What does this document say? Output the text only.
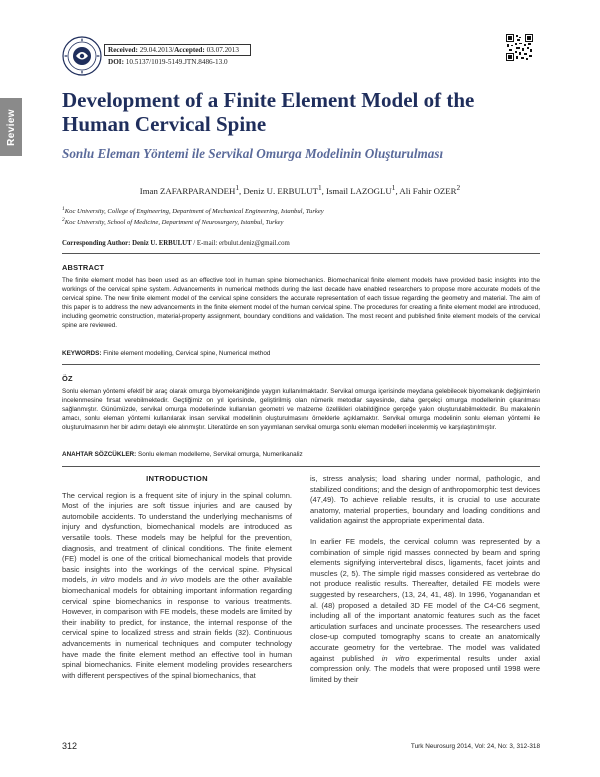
Review
Received:
29.04.2013 / Accepted:
03.07.2013
DOI: 10.5137/1019-5149.JTN.8486-13.0
Development of a Finite Element Model of the Human Cervical Spine
Sonlu Eleman Yöntemi ile Servikal Omurga Modelinin Oluşturulması
Iman ZAFARPARANDEH$^1$, Deniz U. ERBULUT$^1$, Ismail LAZOGLU$^1$, Ali Fahir OZER$^2$
$^1$Koc University, College of Engineering, Department of Mechanical Engineering, Istanbul, Turkey
$^2$Koc University, School of Medicine, Department of Neurosurgery, Istanbul, Turkey
Corresponding Author: Deniz U. ERBULUT / E-mail: erbulut.deniz@gmail.com
ABSTRACT

The finite element model has been used as an effective tool in human spine biomechanics. Biomechanical finite element models have provided basic insights into the workings of the cervical spine system. Advancements in numerical methods during the last decade have enabled researchers to propose more accurate models of the cervical spine. The new finite element model of the cervical spine considers the accurate representation of each tissue regarding the geometry and material. The aim of this paper is to address the new advancements in the finite element model of the human cervical spine. The procedures for creating a finite element model are introduced, including geometric construction, material-property assignment, boundary conditions and validation. The most recent and published finite element models of the cervical spine are reviewed.

KEYWORDS: Finite element modelling, Cervical spine, Numerical method
ÖZ

Sonlu eleman yöntemi efektif bir araç olarak omurga biyomekaniğinde yaygın kullanılmaktadır. Servikal omurga içerisinde meydana gelebilecek biyomekanik değişimlerin incelenmesine fırsat verebilmektedir. Geçtiğimiz on yıl içerisinde, geliştirilmiş olan nümerik metodlar sayesinde, daha gerçekçi omurga modellerinin çıkarılması sağlanmıştır. Günümüzde, servikal omurga modellerinde kullanılan geometri ve malzeme özellikleri olabildiğince gerçeğe yakın oluşturulabilmektedir. Bu makalenin amacı, sonlu eleman yöntemi kullanılarak insan servikal modellinin oluşturulmasını örneklerle açıklamaktır. Servikal omurga modelinin sonlu eleman yöntemi ile oluşturulmasının her bir adımı detaylı ele alınmıştır. Literatürde en son yayımlanan servikal omurga sonlu eleman modelleri incelenmiş ve karşılaştırılmıştır.

ANAHTAR SÖZCÜKLER: Sonlu eleman modelleme, Servikal omurga, Numerikanaliz
INTRODUCTION

The cervical region is a frequent site of injury in the spinal column. Most of the injuries are soft tissue injuries and are caused by automobile accidents. To understand the underlying mechanisms of injury and dysfunction, biomechanical models are introduced as versatile tools. These models may be helpful for the prevention, diagnosis, and treatment of clinical conditions. The finite element (FE) model is one of the critical biomechanical models that provide basic insights into the workings of the cervical spine. Physical models, in vitro models and in vivo models are the other available biomechanical models for obtaining important information regarding cervical spine biomechanics in response to various treatments. However, in comparison with FE models, these models are limited by their inability to predict, for instance, the internal response of the cervical spine to localized stress and strain fields (32). Continuous advancements in numerical techniques and computer technology have made the finite element method an effective tool in human spinal biomechanics. Finite element modeling provides researchers with different perspectives of the spinal biomechanics, that

is, stress analysis; load sharing under normal, pathologic, and stabilized conditions; and the design of anthropomorphic test devices (47,49). To achieve reliable results, it is crucial to use accurate anatomy, material properties, boundary and loading conditions and validation against the appropriate experimental data.

In earlier FE models, the cervical column was represented by a combination of simple rigid masses connected by beam and spring elements signifying intervertebral discs, ligaments, facet joints and muscles (2, 5). The simple rigid masses considered as vertebrae do not produce realistic results. Thereafter, detailed FE models were suggested by researchers, (13, 24, 41, 48). In 1996, Yoganandan et al. (48) proposed a detailed 3D FE model of the C4-C6 segment, including all of the important anatomic features such as the facet articulation surfaces and uncinate processes. The researchers used close-up computed tomography scans to create an anatomically accurate geometry for the vertebrae. The model was validated against published in vitro experimental results under axial compression only. The models that were proposed until 1998 were limited by their

312	Turk Neurosurg 2014, Vol: 24, No: 3, 312-318
